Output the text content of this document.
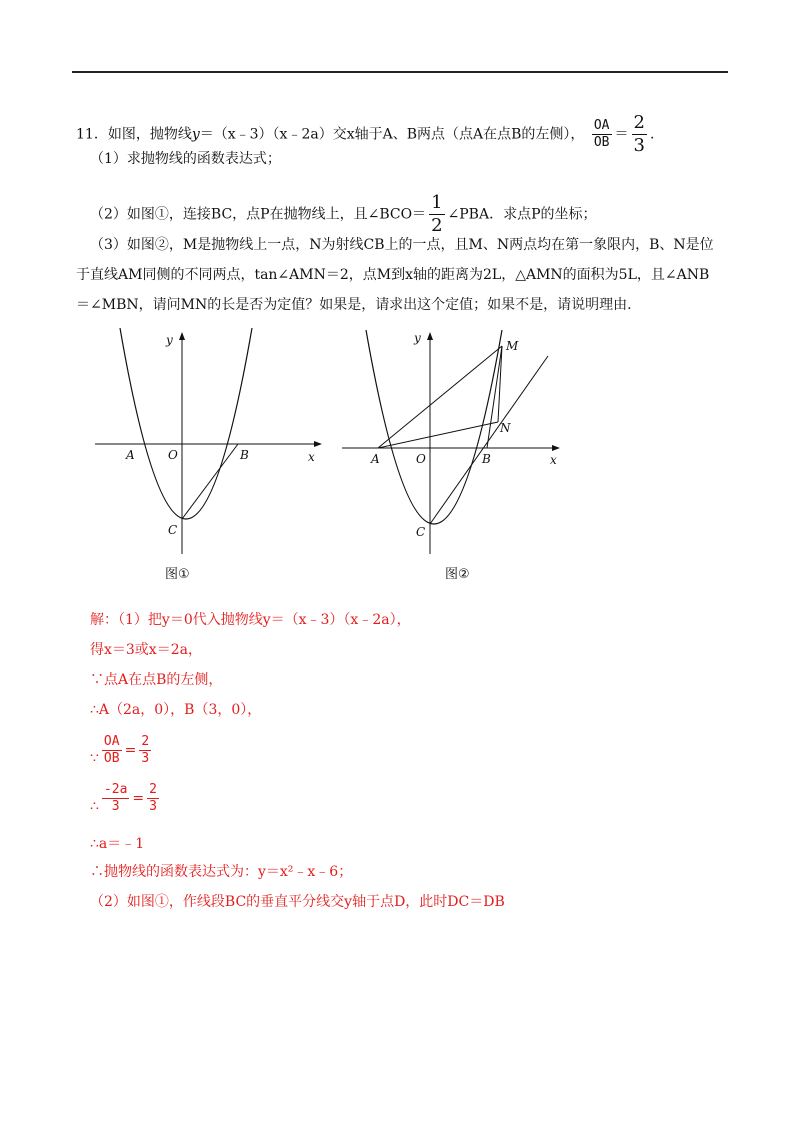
11．如图，抛物线y＝（x﹣3）（x﹣2a）交x轴于A、B两点（点A在点B的左侧）， $\frac{OA}{OB} = \frac{2}{3}$ .
（1）求抛物线的函数表达式；
（2）如图①，连接BC，点P在抛物线上，且∠BCO＝ $\frac{1}{2}$ ∠PBA．求点P的坐标；
（3）如图②，M是抛物线上一点，N为射线CB上的一点，且M、N两点均在第一象限内，B、N是位
于直线AM同侧的不同两点，tan∠AMN＝2，点M到x轴的距离为2L，△AMN的面积为5L，且∠ANB
＝∠MBN，请问MN的长是否为定值？如果是，请求出这个定值；如果不是，请说明理由.
y
x
A	O	B
C
图①
y
x
A	O	B
C
M
N
图②
解：（1）把y＝0代入抛物线y＝（x﹣3）（x﹣2a），
得x＝3或x＝2a，
∵点A在点B的左侧，
∴A（2a，0），B（3，0），
∵ $\frac{OA}{OB} = \frac{2}{3}$
∴ $\frac{-2a}{3} = \frac{2}{3}$
∴a＝﹣1
∴抛物线的函数表达式为：y＝x²﹣x﹣6；
（2）如图①，作线段BC的垂直平分线交y轴于点D，此时DC＝DB
